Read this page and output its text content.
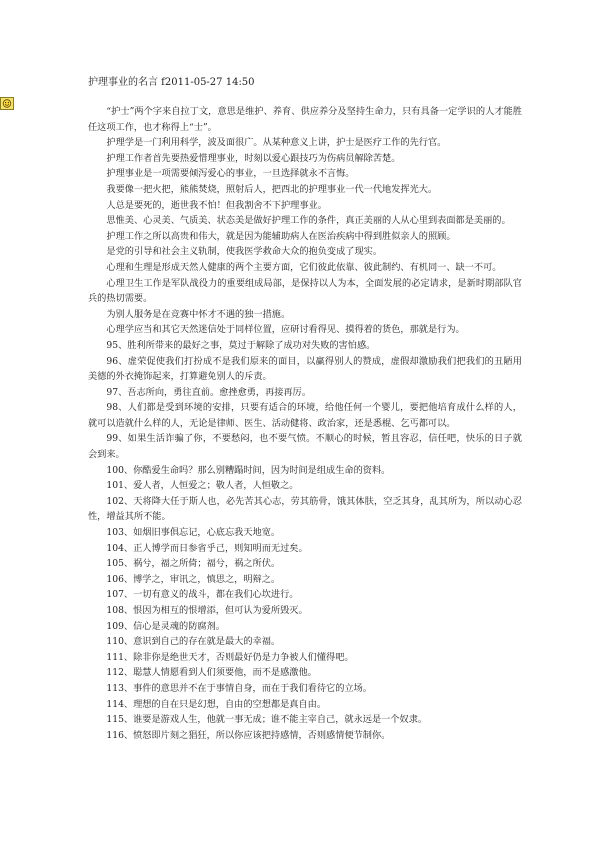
护理事业的名言 f2011-05-27 14:50

“护士”两个字来自拉丁文，意思是维护、养育、供应养分及坚持生命力，只有具备一定学识的人才能胜任这项工作，也才称得上“士”。

护理学是一门利用科学，波及面很广。从某种意义上讲，护士是医疗工作的先行官。

护理工作者首先要热爱惜理事业，时刻以爱心跟技巧为伤病员解除苦楚。

护理事业是一项需要倾泻爱心的事业，一旦选择就永不言悔。

我要像一把火把，熊熊焚烧，照射后人，把西北的护理事业一代一代地发挥光大。

人总是要死的，逝世我不怕！但我割舍不下护理事业。

思惟美、心灵美、气质美、状态美是做好护理工作的条件，真正美丽的人从心里到表面都是美丽的。

护理工作之所以高贵和伟大，就是因为能辅助病人在医治疾病中得到胜似亲人的照顾。

是党的引导和社会主义轨制，使我医学救命大众的抱负变成了现实。

心理和生理是形成天然人健康的两个主要方面，它们彼此依靠、彼此制约、有机同一、缺一不可。

心理卫生工作是军队战役力的重要组成局部，是保持以人为本，全面发展的必定请求，是新时期部队官兵的热切需要。

为别人服务是在竞赛中怀才不遇的独一措施。

心理学应当和其它天然迷信处于同样位置，应研讨看得见、摸得着的货色，那就是行为。

95、胜利所带来的最好之事，莫过于解除了成功对失败的害怕感。

96、虚荣促使我们打扮成不是我们原来的面目，以赢得别人的赞成，虚假却激励我们把我们的丑陋用美德的外衣掩饰起来，打算避免别人的斥责。

97、吾志所向，勇往直前。愈挫愈勇，再接再厉。

98、人们都是受到环境的安排，只要有适合的环境，给他任何一个婴儿，要把他培育成什么样的人，就可以造就什么样的人，无论是律师、医生、活动健将、政治家，还是悉棍、乞丐都可以。

99、如果生活诈骗了你，不要愁闷，也不要气愤。不顺心的时候，暂且容忍，信任吧，快乐的日子就会到来。

100、你酷爱生命吗？那么别糟蹋时间，因为时间是组成生命的资料。

101、爱人者，人恒爱之；敬人者，人恒敬之。

102、天将降大任于斯人也，必先苦其心志，劳其筋骨，饿其体肤，空乏其身，乱其所为，所以动心忍性，增益其所不能。

103、如烟旧事俱忘记，心底忘我天地宽。

104、正人博学而日参省乎己，则知明而无过矣。

105、祸兮，福之所倚；福兮，祸之所伏。

106、博学之，审讯之，慎思之，明辩之。

107、一切有意义的战斗，都在我们心坎进行。

108、恨因为相互的恨增添，但可认为爱所毁灭。

109、信心是灵魂的防腐剂。

110、意识到自己的存在就是最大的幸福。

111、除非你是绝世天才，否则最好仍是力争被人们懂得吧。

112、聪慧人情愿看到人们须要他，而不是感激他。

113、事件的意思并不在于事情自身，而在于我们看待它的立场。

114、理想的自在只是幻想，自由的空想都是真自由。

115、谁要是游戏人生，他就一事无成；谁不能主宰自己，就永远是一个奴隶。

116、愤怒即片刻之猖狂，所以你应该把持感情，否则感情便节制你。
